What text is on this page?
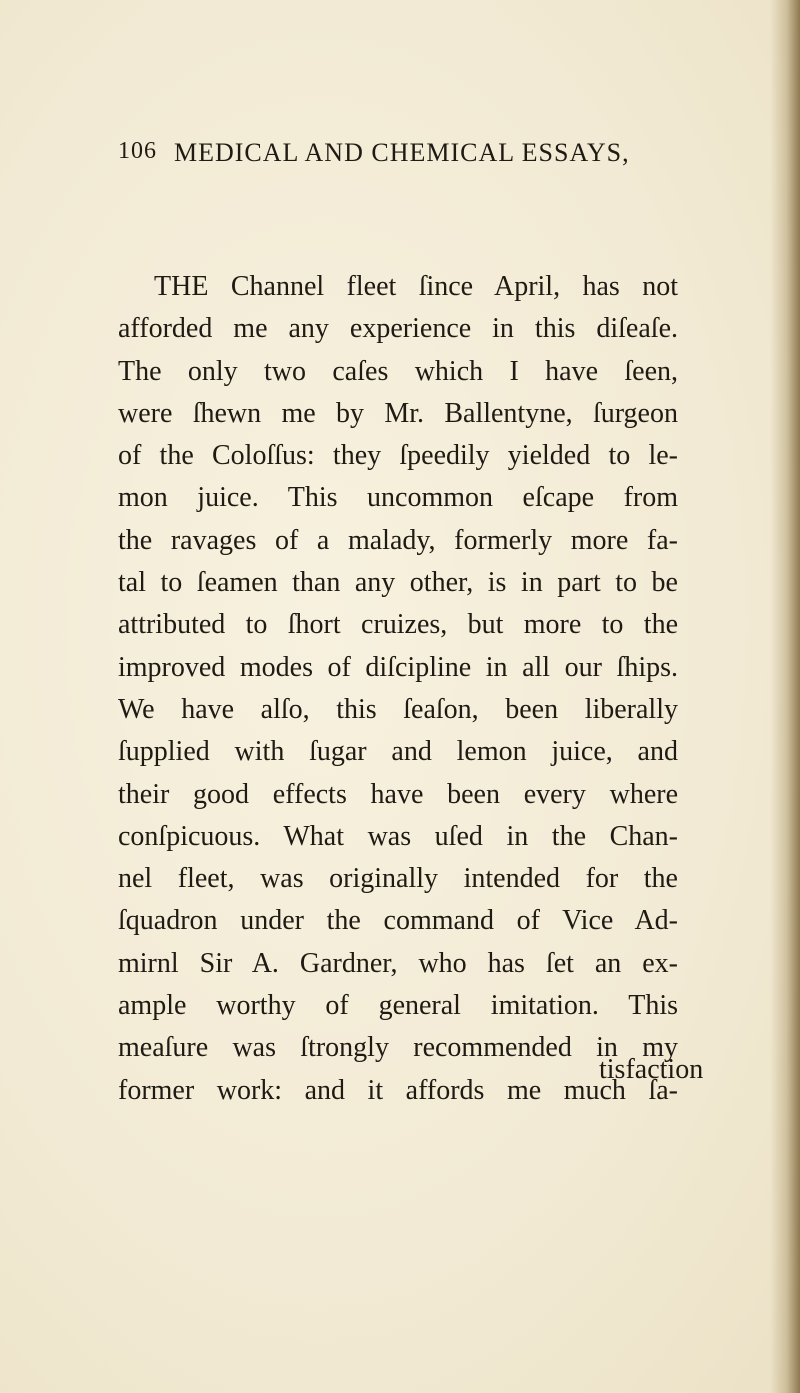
106 MEDICAL AND CHEMICAL ESSAYS,
THE Channel fleet ſince April, has not
afforded me any experience in this diſeaſe.
The only two caſes which I have ſeen,
were ſhewn me by Mr. Ballentyne, ſurgeon
of the Coloſſus: they ſpeedily yielded to le-
mon juice. This uncommon eſcape from
the ravages of a malady, formerly more fa-
tal to ſeamen than any other, is in part to be
attributed to ſhort cruizes, but more to the
improved modes of diſcipline in all our ſhips.
We have alſo, this ſeaſon, been liberally
ſupplied with ſugar and lemon juice, and
their good effects have been every where
conſpicuous. What was uſed in the Chan-
nel fleet, was originally intended for the
ſquadron under the command of Vice Ad-
mirnl Sir A. Gardner, who has ſet an ex-
ample worthy of general imitation. This
meaſure was ſtrongly recommended in my
former work: and it affords me much ſa-
tisfaction
